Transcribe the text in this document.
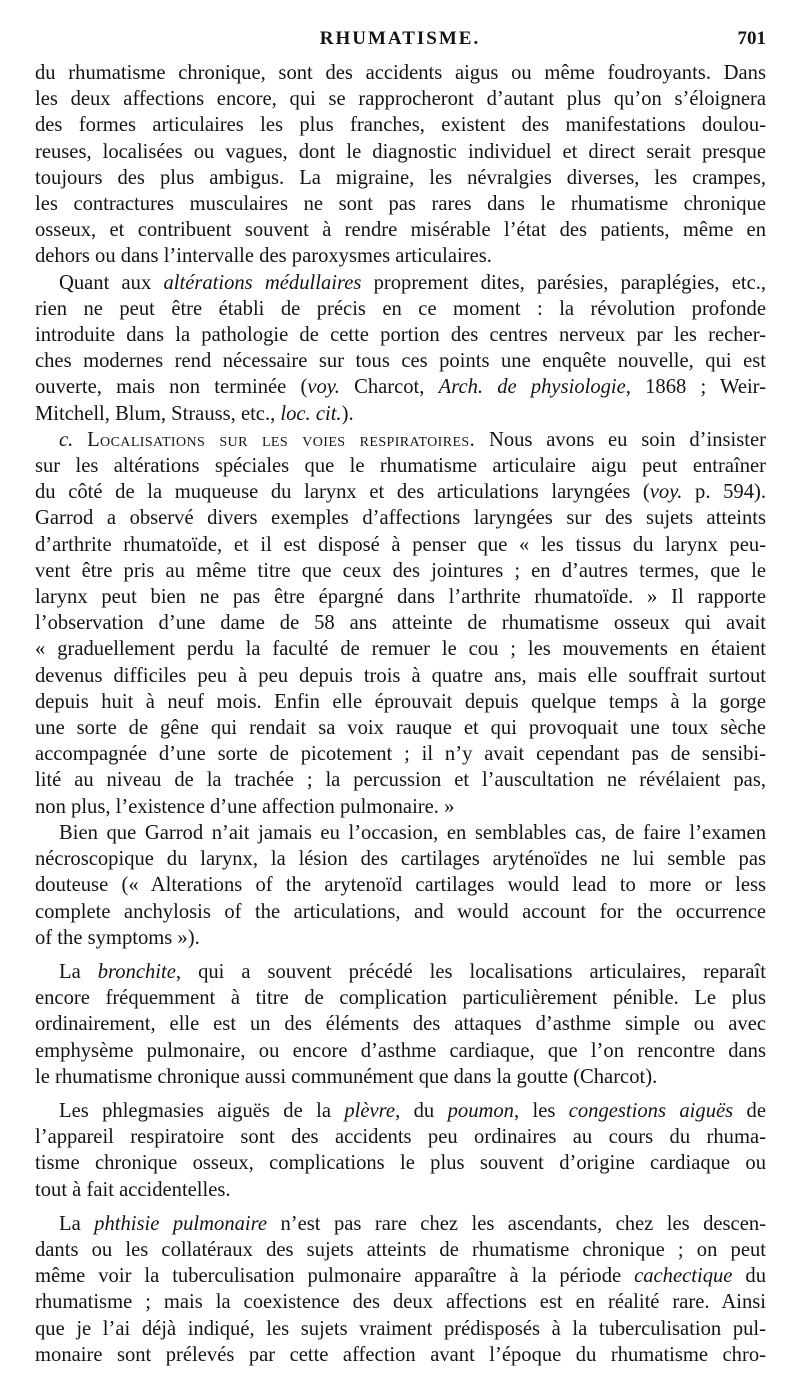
RHUMATISME.	701

du rhumatisme chronique, sont des accidents aigus ou même foudroyants. Dans

les deux affections encore, qui se rapprocheront d’autant plus qu’on s’éloignera

des formes articulaires les plus franches, existent des manifestations doulou-

reuses, localisées ou vagues, dont le diagnostic individuel et direct serait presque

toujours des plus ambigus. La migraine, les névralgies diverses, les crampes,

les contractures musculaires ne sont pas rares dans le rhumatisme chronique

osseux, et contribuent souvent à rendre misérable l’état des patients, même en

dehors ou dans l’intervalle des paroxysmes articulaires.

Quant aux altérations médullaires proprement dites, parésies, paraplégies, etc.,

rien ne peut être établi de précis en ce moment : la révolution profonde

introduite dans la pathologie de cette portion des centres nerveux par les recher-

ches modernes rend nécessaire sur tous ces points une enquête nouvelle, qui est

ouverte, mais non terminée (voy. Charcot, Arch. de physiologie, 1868 ; Weir-

Mitchell, Blum, Strauss, etc., loc. cit.).

c. Localisations sur les voies respiratoires. Nous avons eu soin d’insister

sur les altérations spéciales que le rhumatisme articulaire aigu peut entraîner

du côté de la muqueuse du larynx et des articulations laryngées (voy. p. 594).

Garrod a observé divers exemples d’affections laryngées sur des sujets atteints

d’arthrite rhumatoïde, et il est disposé à penser que « les tissus du larynx peu-

vent être pris au même titre que ceux des jointures ; en d’autres termes, que le

larynx peut bien ne pas être épargné dans l’arthrite rhumatoïde. » Il rapporte

l’observation d’une dame de 58 ans atteinte de rhumatisme osseux qui avait

« graduellement perdu la faculté de remuer le cou ; les mouvements en étaient

devenus difficiles peu à peu depuis trois à quatre ans, mais elle souffrait surtout

depuis huit à neuf mois. Enfin elle éprouvait depuis quelque temps à la gorge

une sorte de gêne qui rendait sa voix rauque et qui provoquait une toux sèche

accompagnée d’une sorte de picotement ; il n’y avait cependant pas de sensibi-

lité au niveau de la trachée ; la percussion et l’auscultation ne révélaient pas,

non plus, l’existence d’une affection pulmonaire. »

Bien que Garrod n’ait jamais eu l’occasion, en semblables cas, de faire l’examen

nécroscopique du larynx, la lésion des cartilages aryténoïdes ne lui semble pas

douteuse (« Alterations of the arytenoïd cartilages would lead to more or less

complete anchylosis of the articulations, and would account for the occurrence

of the symptoms »).

La bronchite, qui a souvent précédé les localisations articulaires, reparaît

encore fréquemment à titre de complication particulièrement pénible. Le plus

ordinairement, elle est un des éléments des attaques d’asthme simple ou avec

emphysème pulmonaire, ou encore d’asthme cardiaque, que l’on rencontre dans

le rhumatisme chronique aussi communément que dans la goutte (Charcot).

Les phlegmasies aiguës de la plèvre, du poumon, les congestions aiguës de

l’appareil respiratoire sont des accidents peu ordinaires au cours du rhuma-

tisme chronique osseux, complications le plus souvent d’origine cardiaque ou

tout à fait accidentelles.

La phthisie pulmonaire n’est pas rare chez les ascendants, chez les descen-

dants ou les collatéraux des sujets atteints de rhumatisme chronique ; on peut

même voir la tuberculisation pulmonaire apparaître à la période cachectique du

rhumatisme ; mais la coexistence des deux affections est en réalité rare. Ainsi

que je l’ai déjà indiqué, les sujets vraiment prédisposés à la tuberculisation pul-

monaire sont prélevés par cette affection avant l’époque du rhumatisme chro-
